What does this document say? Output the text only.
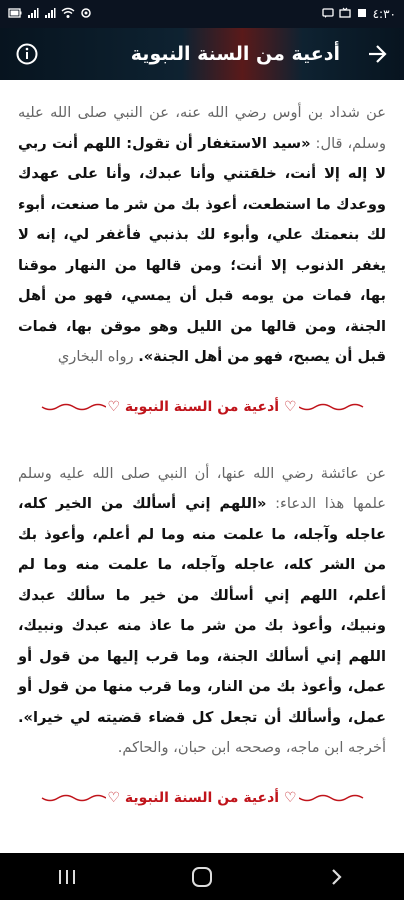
٤:٣٠
أدعية من السنة النبوية
عن شداد بن أوس رضي الله عنه، عن النبي صلى الله عليه وسلم، قال: «سيد الاستغفار أن تقول: اللهم أنت ربي لا إله إلا أنت، خلقتني وأنا عبدك، وأنا على عهدك ووعدك ما استطعت، أعوذ بك من شر ما صنعت، أبوء لك بنعمتك علي، وأبوء لك بذنبي فأغفر لي، إنه لا يغفر الذنوب إلا أنت؛ ومن قالها من النهار موقنا بها، فمات من يومه قبل أن يمسي، فهو من أهل الجنة، ومن قالها من الليل وهو موقن بها، فمات قبل أن يصبح، فهو من أهل الجنة». رواه البخاري
♡ أدعية من السنة النبوية ♡
عن عائشة رضي الله عنها، أن النبي صلى الله عليه وسلم علمها هذا الدعاء: «اللهم إني أسألك من الخير كله، عاجله وآجله، ما علمت منه وما لم أعلم، وأعوذ بك من الشر كله، عاجله وآجله، ما علمت منه وما لم أعلم، اللهم إني أسألك من خير ما سألك عبدك ونبيك، وأعوذ بك من شر ما عاذ منه عبدك ونبيك، اللهم إني أسألك الجنة، وما قرب إليها من قول أو عمل، وأعوذ بك من النار، وما قرب منها من قول أو عمل، وأسألك أن تجعل كل قضاء قضيته لي خيرا». أخرجه ابن ماجه، وصححه ابن حبان، والحاكم.
♡ أدعية من السنة النبوية ♡
